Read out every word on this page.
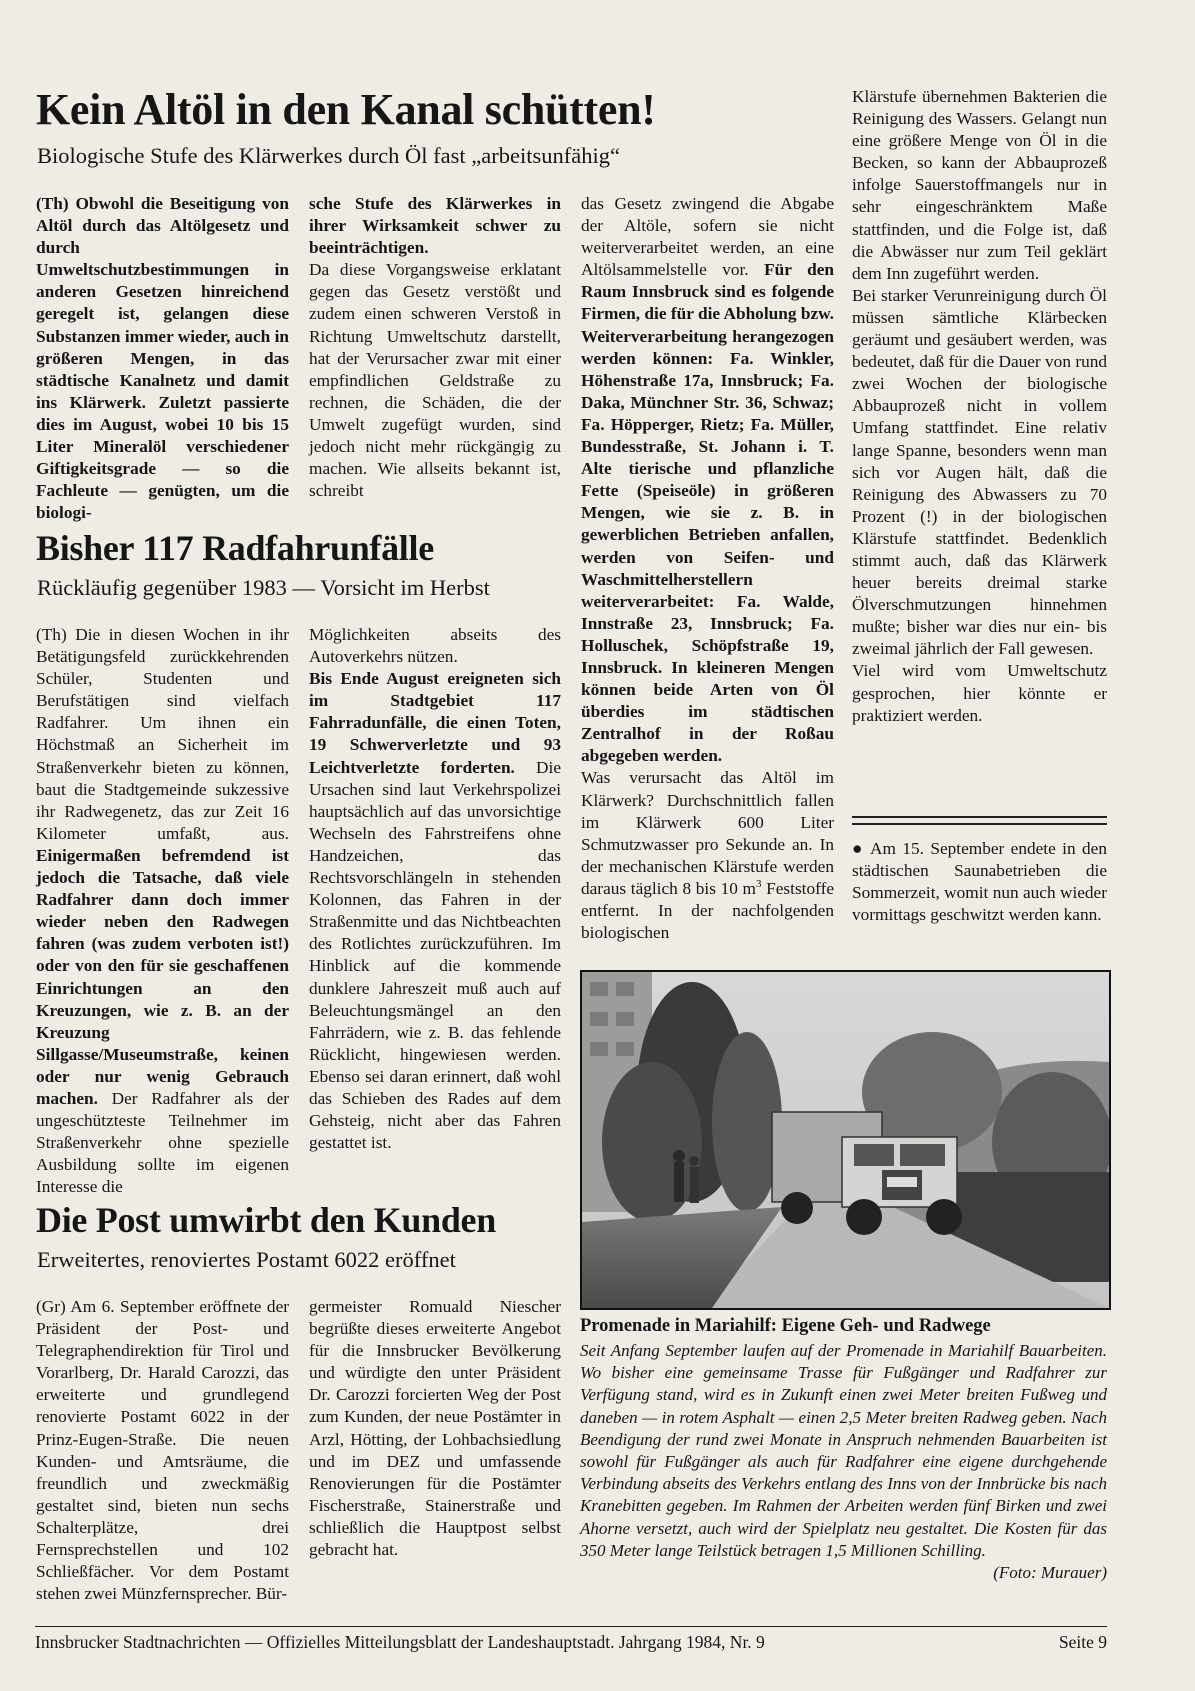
Kein Altöl in den Kanal schütten!

Biologische Stufe des Klärwerkes durch Öl fast „arbeitsunfähig“

(Th) Obwohl die Beseitigung von Altöl durch das Altölgesetz und durch Umweltschutzbestimmungen in anderen Gesetzen hinreichend geregelt ist, gelangen diese Substanzen immer wieder, auch in größeren Mengen, in das städtische Kanalnetz und damit ins Klärwerk. Zuletzt passierte dies im August, wobei 10 bis 15 Liter Mineralöl verschiedener Giftigkeitsgrade — so die Fachleute — genügten, um die biologi-

sche Stufe des Klärwerkes in ihrer Wirksamkeit schwer zu beeinträchtigen.

Da diese Vorgangsweise erklatant gegen das Gesetz verstößt und zudem einen schweren Verstoß in Richtung Umweltschutz darstellt, hat der Verursacher zwar mit einer empfindlichen Geldstraße zu rechnen, die Schäden, die der Umwelt zugefügt wurden, sind jedoch nicht mehr rückgängig zu machen. Wie allseits bekannt ist, schreibt

das Gesetz zwingend die Abgabe der Altöle, sofern sie nicht weiterverarbeitet werden, an eine Altölsammelstelle vor. Für den Raum Innsbruck sind es folgende Firmen, die für die Abholung bzw. Weiterverarbeitung herangezogen werden können: Fa. Winkler, Höhenstraße 17a, Innsbruck; Fa. Daka, Münchner Str. 36, Schwaz; Fa. Höpperger, Rietz; Fa. Müller, Bundesstraße, St. Johann i. T. Alte tierische und pflanzliche Fette (Speiseöle) in größeren Mengen, wie sie z. B. in gewerblichen Betrieben anfallen, werden von Seifen- und Waschmittelherstellern weiterverarbeitet: Fa. Walde, Innstraße 23, Innsbruck; Fa. Holluschek, Schöpfstraße 19, Innsbruck. In kleineren Mengen können beide Arten von Öl überdies im städtischen Zentralhof in der Roßau abgegeben werden.

Was verursacht das Altöl im Klärwerk? Durchschnittlich fallen im Klärwerk 600 Liter Schmutzwasser pro Sekunde an. In der mechanischen Klärstufe werden daraus täglich 8 bis 10 $m^3$ Feststoffe entfernt. In der nachfolgenden biologischen

Klärstufe übernehmen Bakterien die Reinigung des Wassers. Gelangt nun eine größere Menge von Öl in die Becken, so kann der Abbauprozeß infolge Sauerstoffmangels nur in sehr eingeschränktem Maße stattfinden, und die Folge ist, daß die Abwässer nur zum Teil geklärt dem Inn zugeführt werden.

Bei starker Verunreinigung durch Öl müssen sämtliche Klärbecken geräumt und gesäubert werden, was bedeutet, daß für die Dauer von rund zwei Wochen der biologische Abbauprozeß nicht in vollem Umfang stattfindet. Eine relativ lange Spanne, besonders wenn man sich vor Augen hält, daß die Reinigung des Abwassers zu 70 Prozent (!) in der biologischen Klärstufe stattfindet. Bedenklich stimmt auch, daß das Klärwerk heuer bereits dreimal starke Ölverschmutzungen hinnehmen mußte; bisher war dies nur ein- bis zweimal jährlich der Fall gewesen.

Viel wird vom Umweltschutz gesprochen, hier könnte er praktiziert werden.

● Am 15. September endete in den städtischen Saunabetrieben die Sommerzeit, womit nun auch wieder vormittags geschwitzt werden kann.

Bisher 117 Radfahrunfälle

Rückläufig gegenüber 1983 — Vorsicht im Herbst

(Th) Die in diesen Wochen in ihr Betätigungsfeld zurückkehrenden Schüler, Studenten und Berufstätigen sind vielfach Radfahrer. Um ihnen ein Höchstmaß an Sicherheit im Straßenverkehr bieten zu können, baut die Stadtgemeinde sukzessive ihr Radwegenetz, das zur Zeit 16 Kilometer umfaßt, aus. Einigermaßen befremdend ist jedoch die Tatsache, daß viele Radfahrer dann doch immer wieder neben den Radwegen fahren (was zudem verboten ist!) oder von den für sie geschaffenen Einrichtungen an den Kreuzungen, wie z. B. an der Kreuzung Sillgasse/Museumstraße, keinen oder nur wenig Gebrauch machen. Der Radfahrer als der ungeschützteste Teilnehmer im Straßenverkehr ohne spezielle Ausbildung sollte im eigenen Interesse die

Möglichkeiten abseits des Autoverkehrs nützen.

Bis Ende August ereigneten sich im Stadtgebiet 117 Fahrradunfälle, die einen Toten, 19 Schwerverletzte und 93 Leichtverletzte forderten. Die Ursachen sind laut Verkehrspolizei hauptsächlich auf das unvorsichtige Wechseln des Fahrstreifens ohne Handzeichen, das Rechtsvorschlängeln in stehenden Kolonnen, das Fahren in der Straßenmitte und das Nichtbeachten des Rotlichtes zurückzuführen. Im Hinblick auf die kommende dunklere Jahreszeit muß auch auf Beleuchtungsmängel an den Fahrrädern, wie z. B. das fehlende Rücklicht, hingewiesen werden. Ebenso sei daran erinnert, daß wohl das Schieben des Rades auf dem Gehsteig, nicht aber das Fahren gestattet ist.

Die Post umwirbt den Kunden

Erweitertes, renoviertes Postamt 6022 eröffnet

(Gr) Am 6. September eröffnete der Präsident der Post- und Telegraphendirektion für Tirol und Vorarlberg, Dr. Harald Carozzi, das erweiterte und grundlegend renovierte Postamt 6022 in der Prinz-Eugen-Straße. Die neuen Kunden- und Amtsräume, die freundlich und zweckmäßig gestaltet sind, bieten nun sechs Schalterplätze, drei Fernsprechstellen und 102 Schließfächer. Vor dem Postamt stehen zwei Münzfernsprecher. Bür-

germeister Romuald Niescher begrüßte dieses erweiterte Angebot für die Innsbrucker Bevölkerung und würdigte den unter Präsident Dr. Carozzi forcierten Weg der Post zum Kunden, der neue Postämter in Arzl, Hötting, der Lohbachsiedlung und im DEZ und umfassende Renovierungen für die Postämter Fischerstraße, Stainerstraße und schließlich die Hauptpost selbst gebracht hat.

Promenade in Mariahilf: Eigene Geh- und Radwege
Seit Anfang September laufen auf der Promenade in Mariahilf Bauarbeiten. Wo bisher eine gemeinsame Trasse für Fußgänger und Radfahrer zur Verfügung stand, wird es in Zukunft einen zwei Meter breiten Fußweg und daneben — in rotem Asphalt — einen 2,5 Meter breiten Radweg geben. Nach Beendigung der rund zwei Monate in Anspruch nehmenden Bauarbeiten ist sowohl für Fußgänger als auch für Radfahrer eine eigene durchgehende Verbindung abseits des Verkehrs entlang des Inns von der Innbrücke bis nach Kranebitten gegeben. Im Rahmen der Arbeiten werden fünf Birken und zwei Ahorne versetzt, auch wird der Spielplatz neu gestaltet. Die Kosten für das 350 Meter lange Teilstück betragen 1,5 Millionen Schilling.
(Foto: Murauer)
Innsbrucker Stadtnachrichten — Offizielles Mitteilungsblatt der Landeshauptstadt. Jahrgang 1984, Nr. 9	Seite 9
